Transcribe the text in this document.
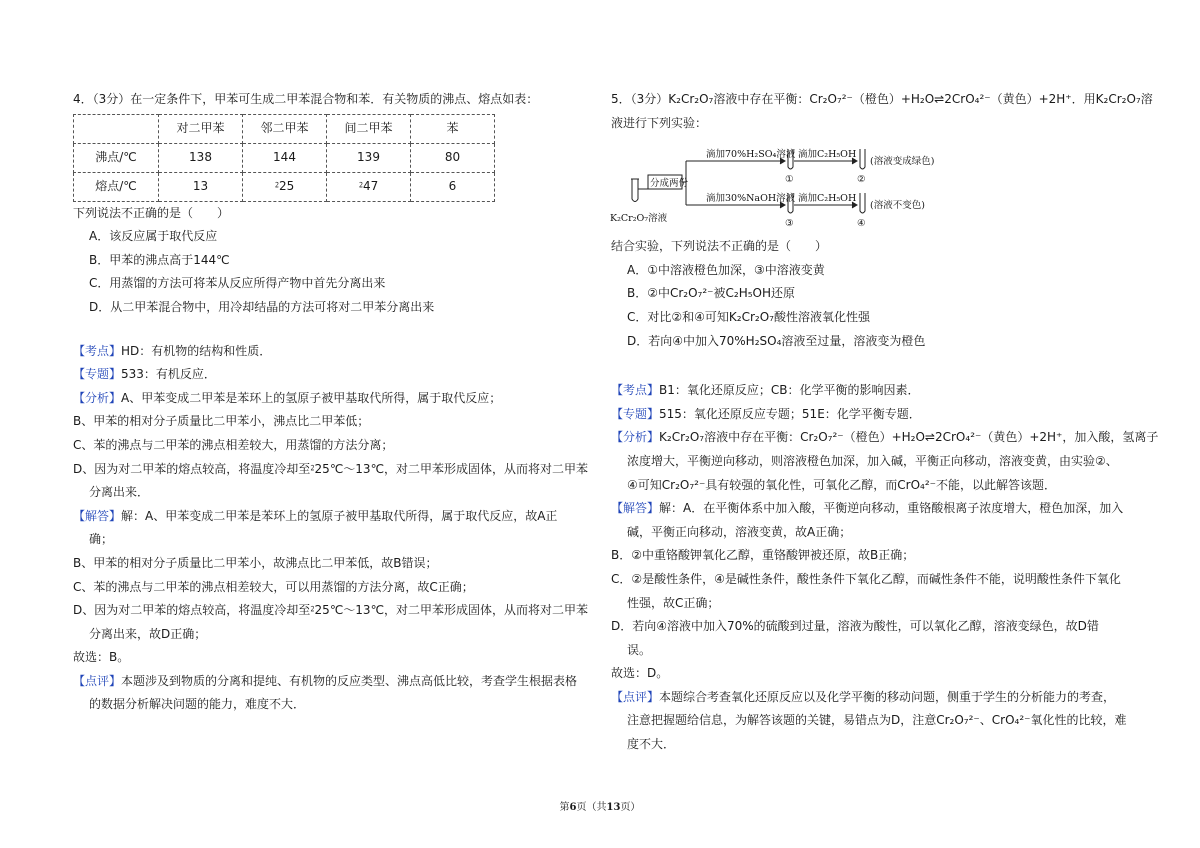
4．（3分）在一定条件下，甲苯可生成二甲苯混合物和苯．有关物质的沸点、熔点如表：
	对二甲苯	邻二甲苯	间二甲苯	苯
沸点/℃	138	144	139	80
熔点/℃	13	⁲25	⁲47	6
下列说法不正确的是（　　）
A．该反应属于取代反应
B．甲苯的沸点高于144℃
C．用蒸馏的方法可将苯从反应所得产物中首先分离出来
D．从二甲苯混合物中，用冷却结晶的方法可将对二甲苯分离出来
【考点】HD：有机物的结构和性质．
【专题】533：有机反应．
【分析】A、甲苯变成二甲苯是苯环上的氢原子被甲基取代所得，属于取代反应；
B、甲苯的相对分子质量比二甲苯小，沸点比二甲苯低；
C、苯的沸点与二甲苯的沸点相差较大，用蒸馏的方法分离；
D、因为对二甲苯的熔点较高，将温度冷却至⁲25℃～13℃，对二甲苯形成固体，从而将对二甲苯
分离出来．
【解答】解：A、甲苯变成二甲苯是苯环上的氢原子被甲基取代所得，属于取代反应，故A正
确；
B、甲苯的相对分子质量比二甲苯小，故沸点比二甲苯低，故B错误；
C、苯的沸点与二甲苯的沸点相差较大，可以用蒸馏的方法分离，故C正确；
D、因为对二甲苯的熔点较高，将温度冷却至⁲25℃～13℃，对二甲苯形成固体，从而将对二甲苯
分离出来，故D正确；
故选：B。
【点评】本题涉及到物质的分离和提纯、有机物的反应类型、沸点高低比较，考查学生根据表格
的数据分析解决问题的能力，难度不大．
5．（3分）K₂Cr₂O₇溶液中存在平衡：Cr₂O₇²⁻（橙色）+H₂O⇌2CrO₄²⁻（黄色）+2H⁺．用K₂Cr₂O₇溶
液进行下列实验：
滴加70%H₂SO₄溶液
滴加30%NaOH溶液
滴加C₂H₅OH
滴加C₂H₅OH
分成两份
K₂Cr₂O₇溶液
(溶液变成绿色)
(溶液不变色)
①	②
③	④
结合实验，下列说法不正确的是（　　）
A．①中溶液橙色加深，③中溶液变黄
B．②中Cr₂O₇²⁻被C₂H₅OH还原
C．对比②和④可知K₂Cr₂O₇酸性溶液氧化性强
D．若向④中加入70%H₂SO₄溶液至过量，溶液变为橙色
【考点】B1：氧化还原反应；CB：化学平衡的影响因素．
【专题】515：氧化还原反应专题；51E：化学平衡专题．
【分析】K₂Cr₂O₇溶液中存在平衡：Cr₂O₇²⁻（橙色）+H₂O⇌2CrO₄²⁻（黄色）+2H⁺，加入酸，氢离子
浓度增大，平衡逆向移动，则溶液橙色加深，加入碱，平衡正向移动，溶液变黄，由实验②、
④可知Cr₂O₇²⁻具有较强的氧化性，可氧化乙醇，而CrO₄²⁻不能，以此解答该题．
【解答】解：A．在平衡体系中加入酸，平衡逆向移动，重铬酸根离子浓度增大，橙色加深，加入
碱，平衡正向移动，溶液变黄，故A正确；
B．②中重铬酸钾氧化乙醇，重铬酸钾被还原，故B正确；
C．②是酸性条件，④是碱性条件，酸性条件下氧化乙醇，而碱性条件不能，说明酸性条件下氧化
性强，故C正确；
D．若向④溶液中加入70%的硫酸到过量，溶液为酸性，可以氧化乙醇，溶液变绿色，故D错
误。
故选：D。
【点评】本题综合考查氧化还原反应以及化学平衡的移动问题，侧重于学生的分析能力的考查，
注意把握题给信息，为解答该题的关键，易错点为D，注意Cr₂O₇²⁻、CrO₄²⁻氧化性的比较，难
度不大．
第6页（共13页）
